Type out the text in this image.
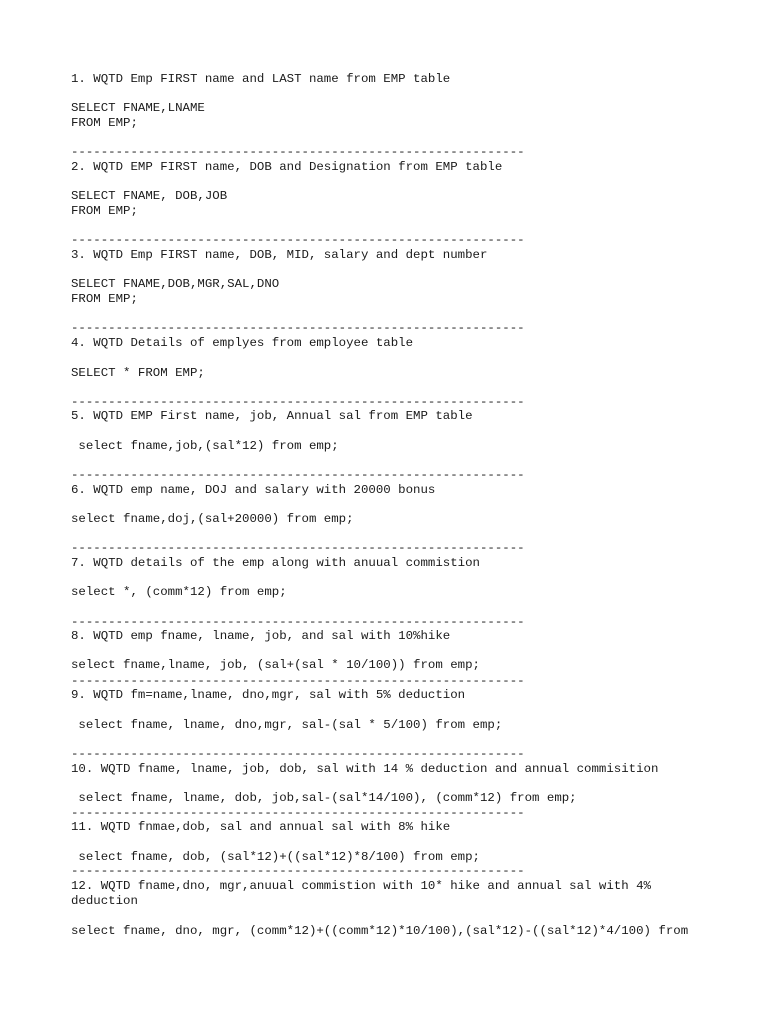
1. WQTD Emp FIRST name and LAST name from EMP table
SELECT FNAME,LNAME
FROM EMP;
-------------------------------------------------------------
2. WQTD EMP FIRST name, DOB and Designation from EMP table
SELECT FNAME, DOB,JOB
FROM EMP;
-------------------------------------------------------------
3. WQTD Emp FIRST name, DOB, MID, salary and dept number
SELECT FNAME,DOB,MGR,SAL,DNO
FROM EMP;
-------------------------------------------------------------
4. WQTD Details of emplyes from employee table
SELECT * FROM EMP;
-------------------------------------------------------------
5. WQTD EMP First name, job, Annual sal from EMP table
select fname,job,(sal*12) from emp;
-------------------------------------------------------------
6. WQTD emp name, DOJ and salary with 20000 bonus
select fname,doj,(sal+20000) from emp;
-------------------------------------------------------------
7. WQTD details of the emp along with anuual commistion
select *, (comm*12) from emp;
-------------------------------------------------------------
8. WQTD emp fname, lname, job, and sal with 10%hike
select fname,lname, job, (sal+(sal * 10/100)) from emp;
-------------------------------------------------------------
9. WQTD fm=name,lname, dno,mgr, sal with 5% deduction
select fname, lname, dno,mgr, sal-(sal * 5/100) from emp;
-------------------------------------------------------------
10. WQTD fname, lname, job, dob, sal with 14 % deduction and annual commisition
select fname, lname, dob, job,sal-(sal*14/100), (comm*12) from emp;
-------------------------------------------------------------
11. WQTD fnmae,dob, sal and annual sal with 8% hike
select fname, dob, (sal*12)+((sal*12)*8/100) from emp;
-------------------------------------------------------------
12. WQTD fname,dno, mgr,anuual commistion with 10* hike and annual sal with 4%
deduction
select fname, dno, mgr, (comm*12)+((comm*12)*10/100),(sal*12)-((sal*12)*4/100) from
